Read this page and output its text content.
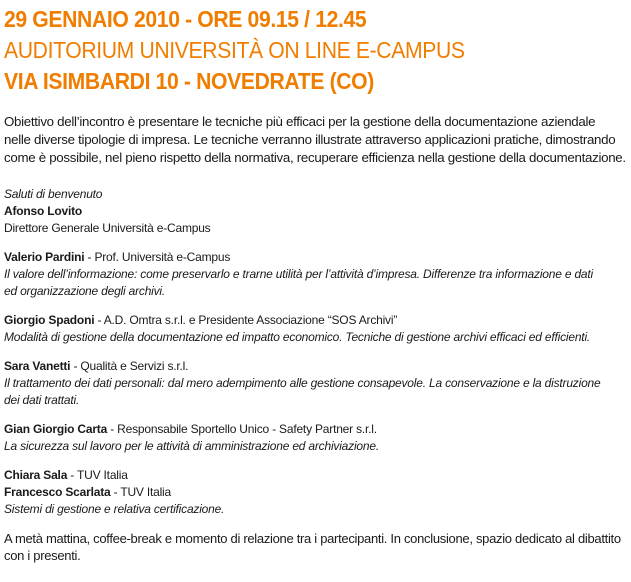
29 GENNAIO 2010 - ORE 09.15 / 12.45
AUDITORIUM UNIVERSITÀ ON LINE E-CAMPUS
VIA ISIMBARDI 10 - NOVEDRATE (CO)
Obiettivo dell’incontro è presentare le tecniche più efficaci per la gestione della documentazione aziendale
nelle diverse tipologie di impresa. Le tecniche verranno illustrate attraverso applicazioni pratiche, dimostrando
come è possibile, nel pieno rispetto della normativa, recuperare efficienza nella gestione della documentazione.
Saluti di benvenuto
Afonso Lovito
Direttore Generale Università e-Campus
Valerio Pardini - Prof. Università e-Campus
Il valore dell’informazione: come preservarlo e trarne utilità per l’attività d’impresa. Differenze tra informazione e dati
ed organizzazione degli archivi.
Giorgio Spadoni - A.D. Omtra s.r.l. e Presidente Associazione “SOS Archivi”
Modalità di gestione della documentazione ed impatto economico. Tecniche di gestione archivi efficaci ed efficienti.
Sara Vanetti - Qualità e Servizi s.r.l.
Il trattamento dei dati personali: dal mero adempimento alle gestione consapevole. La conservazione e la distruzione
dei dati trattati.
Gian Giorgio Carta - Responsabile Sportello Unico - Safety Partner s.r.l.
La sicurezza sul lavoro per le attività di amministrazione ed archiviazione.
Chiara Sala - TUV Italia
Francesco Scarlata - TUV Italia
Sistemi di gestione e relativa certificazione.
A metà mattina, coffee-break e momento di relazione tra i partecipanti. In conclusione, spazio dedicato al dibattito
con i presenti.
